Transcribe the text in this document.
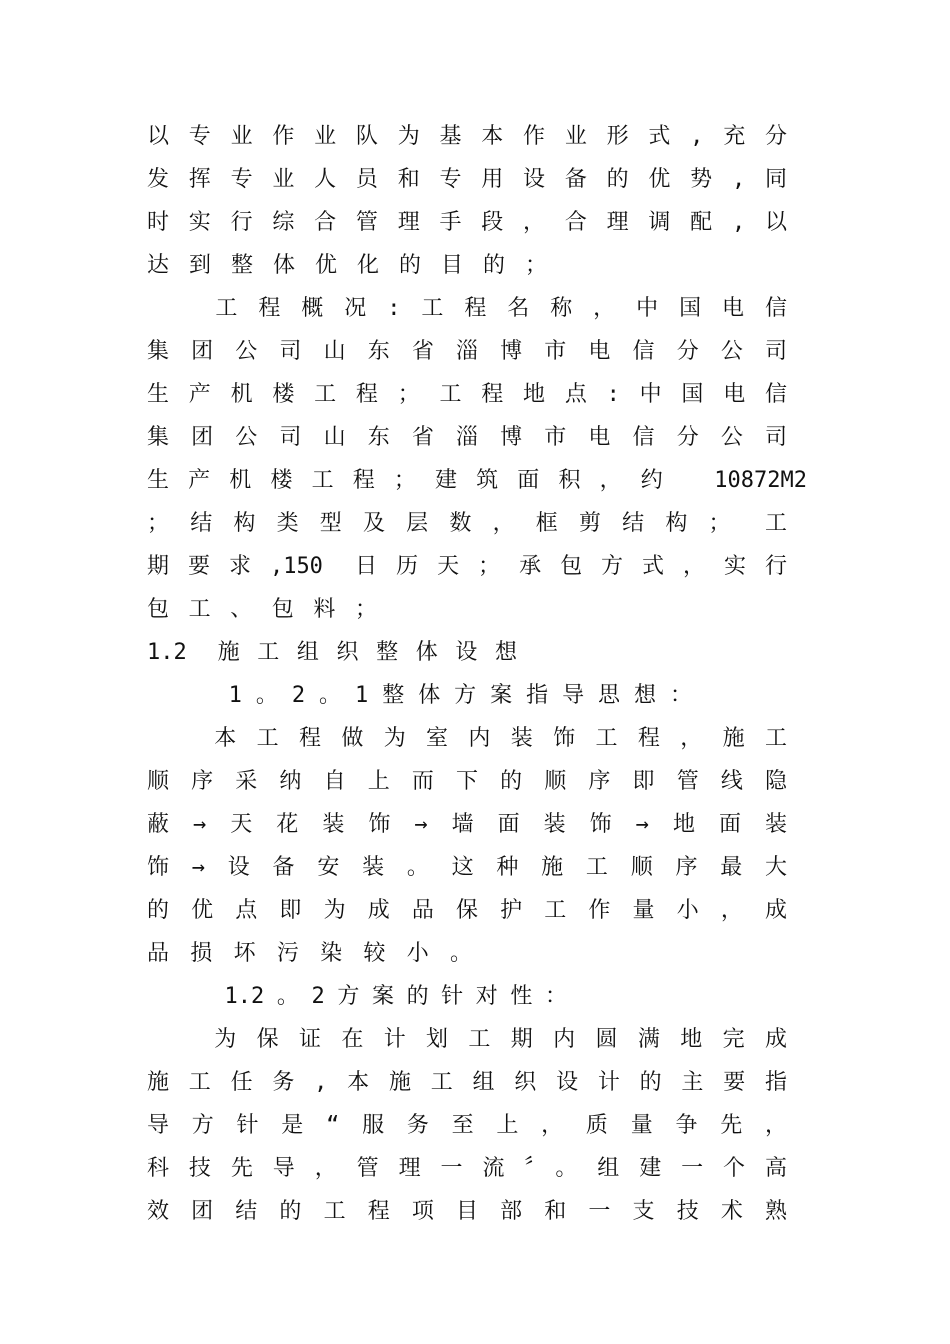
以专业作业队为基本作业形式,充分
发挥专业人员和专用设备的优势,同
时实行综合管理手段，合理调配,以
达到整体优化的目的；
工程概况:工程名称，中国电信
集团公司山东省淄博市电信分公司
生产机楼工程；工程地点:中国电信
集团公司山东省淄博市电信分公司
生产机楼工程；建筑面积，约 10872M2
；结构类型及层数，框剪结构； 工
期要求,150 日历天；承包方式，实行
包工、包料；
1.2 施工组织整体设想
1。2。1整体方案指导思想：
本工程做为室内装饰工程，施工
顺序采纳自上而下的顺序即管线隐
蔽→天花装饰→墙面装饰→地面装
饰→设备安装。这种施工顺序最大
的优点即为成品保护工作量小，成
品损坏污染较小。
1.2。2方案的针对性：
为保证在计划工期内圆满地完成
施工任务,本施工组织设计的主要指
导方针是“服务至上，质量争先，
科技先导，管理一流〞。组建一个高
效团结的工程项目部和一支技术熟
